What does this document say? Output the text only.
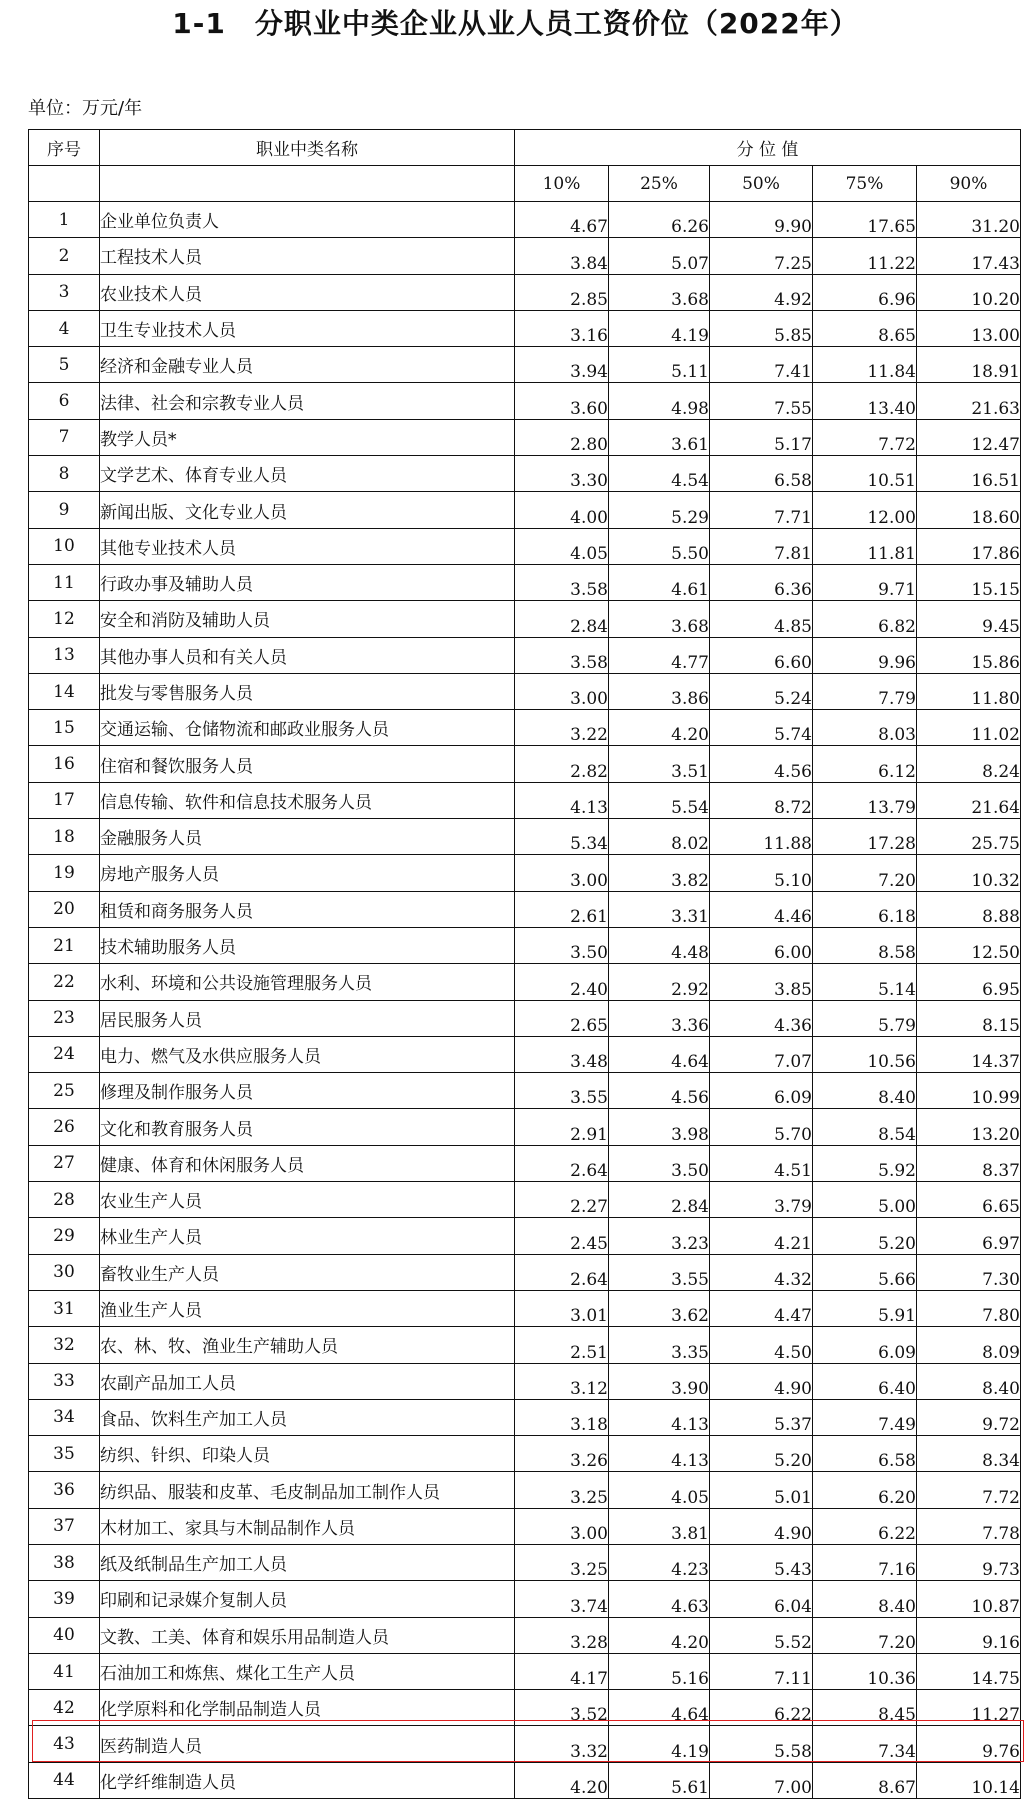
1-1　分职业中类企业从业人员工资价位（2022年）
单位：万元/年
序号	职业中类名称	分 位 值				
		10%	25%	50%	75%	90%
1	企业单位负责人	4.67	6.26	9.90	17.65	31.20
2	工程技术人员	3.84	5.07	7.25	11.22	17.43
3	农业技术人员	2.85	3.68	4.92	6.96	10.20
4	卫生专业技术人员	3.16	4.19	5.85	8.65	13.00
5	经济和金融专业人员	3.94	5.11	7.41	11.84	18.91
6	法律、社会和宗教专业人员	3.60	4.98	7.55	13.40	21.63
7	教学人员*	2.80	3.61	5.17	7.72	12.47
8	文学艺术、体育专业人员	3.30	4.54	6.58	10.51	16.51
9	新闻出版、文化专业人员	4.00	5.29	7.71	12.00	18.60
10	其他专业技术人员	4.05	5.50	7.81	11.81	17.86
11	行政办事及辅助人员	3.58	4.61	6.36	9.71	15.15
12	安全和消防及辅助人员	2.84	3.68	4.85	6.82	9.45
13	其他办事人员和有关人员	3.58	4.77	6.60	9.96	15.86
14	批发与零售服务人员	3.00	3.86	5.24	7.79	11.80
15	交通运输、仓储物流和邮政业服务人员	3.22	4.20	5.74	8.03	11.02
16	住宿和餐饮服务人员	2.82	3.51	4.56	6.12	8.24
17	信息传输、软件和信息技术服务人员	4.13	5.54	8.72	13.79	21.64
18	金融服务人员	5.34	8.02	11.88	17.28	25.75
19	房地产服务人员	3.00	3.82	5.10	7.20	10.32
20	租赁和商务服务人员	2.61	3.31	4.46	6.18	8.88
21	技术辅助服务人员	3.50	4.48	6.00	8.58	12.50
22	水利、环境和公共设施管理服务人员	2.40	2.92	3.85	5.14	6.95
23	居民服务人员	2.65	3.36	4.36	5.79	8.15
24	电力、燃气及水供应服务人员	3.48	4.64	7.07	10.56	14.37
25	修理及制作服务人员	3.55	4.56	6.09	8.40	10.99
26	文化和教育服务人员	2.91	3.98	5.70	8.54	13.20
27	健康、体育和休闲服务人员	2.64	3.50	4.51	5.92	8.37
28	农业生产人员	2.27	2.84	3.79	5.00	6.65
29	林业生产人员	2.45	3.23	4.21	5.20	6.97
30	畜牧业生产人员	2.64	3.55	4.32	5.66	7.30
31	渔业生产人员	3.01	3.62	4.47	5.91	7.80
32	农、林、牧、渔业生产辅助人员	2.51	3.35	4.50	6.09	8.09
33	农副产品加工人员	3.12	3.90	4.90	6.40	8.40
34	食品、饮料生产加工人员	3.18	4.13	5.37	7.49	9.72
35	纺织、针织、印染人员	3.26	4.13	5.20	6.58	8.34
36	纺织品、服装和皮革、毛皮制品加工制作人员	3.25	4.05	5.01	6.20	7.72
37	木材加工、家具与木制品制作人员	3.00	3.81	4.90	6.22	7.78
38	纸及纸制品生产加工人员	3.25	4.23	5.43	7.16	9.73
39	印刷和记录媒介复制人员	3.74	4.63	6.04	8.40	10.87
40	文教、工美、体育和娱乐用品制造人员	3.28	4.20	5.52	7.20	9.16
41	石油加工和炼焦、煤化工生产人员	4.17	5.16	7.11	10.36	14.75
42	化学原料和化学制品制造人员	3.52	4.64	6.22	8.45	11.27
43	医药制造人员	3.32	4.19	5.58	7.34	9.76
44	化学纤维制造人员	4.20	5.61	7.00	8.67	10.14
